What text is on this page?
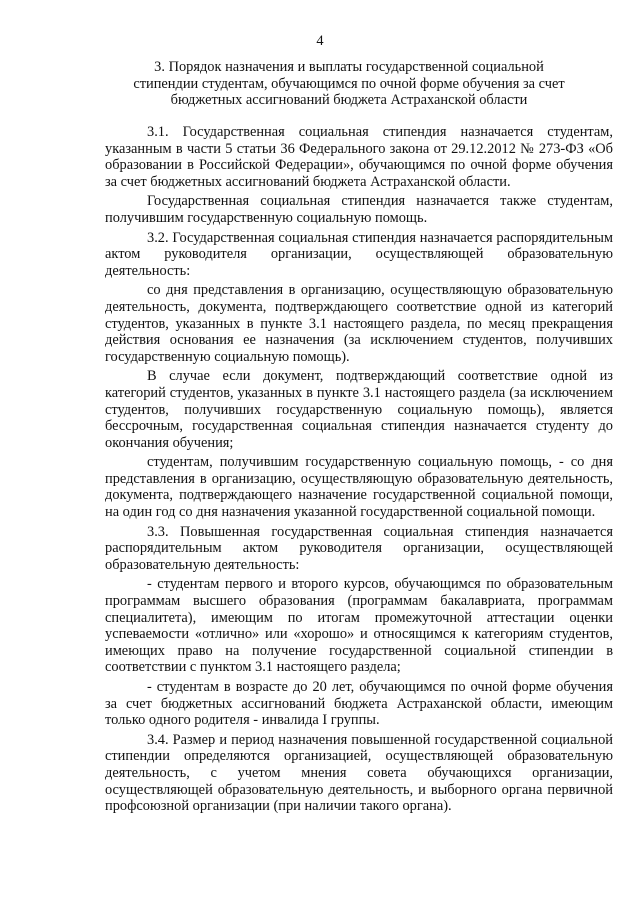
4
3. Порядок назначения и выплаты государственной социальной стипендии студентам, обучающимся по очной форме обучения за счет бюджетных ассигнований бюджета Астраханской области

3.1. Государственная социальная стипендия назначается студентам, указанным в части 5 статьи 36 Федерального закона от 29.12.2012 № 273-ФЗ «Об образовании в Российской Федерации», обучающимся по очной форме обучения за счет бюджетных ассигнований бюджета Астраханской области.

Государственная социальная стипендия назначается также студентам, получившим государственную социальную помощь.

3.2. Государственная социальная стипендия назначается распорядительным актом руководителя организации, осуществляющей образовательную деятельность:

со дня представления в организацию, осуществляющую образовательную деятельность, документа, подтверждающего соответствие одной из категорий студентов, указанных в пункте 3.1 настоящего раздела, по месяц прекращения действия основания ее назначения (за исключением студентов, получивших государственную социальную помощь).

В случае если документ, подтверждающий соответствие одной из категорий студентов, указанных в пункте 3.1 настоящего раздела (за исключением студентов, получивших государственную социальную помощь), является бессрочным, государственная социальная стипендия назначается студенту до окончания обучения;

студентам, получившим государственную социальную помощь, - со дня представления в организацию, осуществляющую образовательную деятельность, документа, подтверждающего назначение государственной социальной помощи, на один год со дня назначения указанной государственной социальной помощи.

3.3. Повышенная государственная социальная стипендия назначается распорядительным актом руководителя организации, осуществляющей образовательную деятельность:

- студентам первого и второго курсов, обучающимся по образовательным программам высшего образования (программам бакалавриата, программам специалитета), имеющим по итогам промежуточной аттестации оценки успеваемости «отлично» или «хорошо» и относящимся к категориям студентов, имеющих право на получение государственной социальной стипендии в соответствии с пунктом 3.1 настоящего раздела;

- студентам в возрасте до 20 лет, обучающимся по очной форме обучения за счет бюджетных ассигнований бюджета Астраханской области, имеющим только одного родителя - инвалида I группы.

3.4. Размер и период назначения повышенной государственной социальной стипендии определяются организацией, осуществляющей образовательную деятельность, с учетом мнения совета обучающихся организации, осуществляющей образовательную деятельность, и выборного органа первичной профсоюзной организации (при наличии такого органа).
